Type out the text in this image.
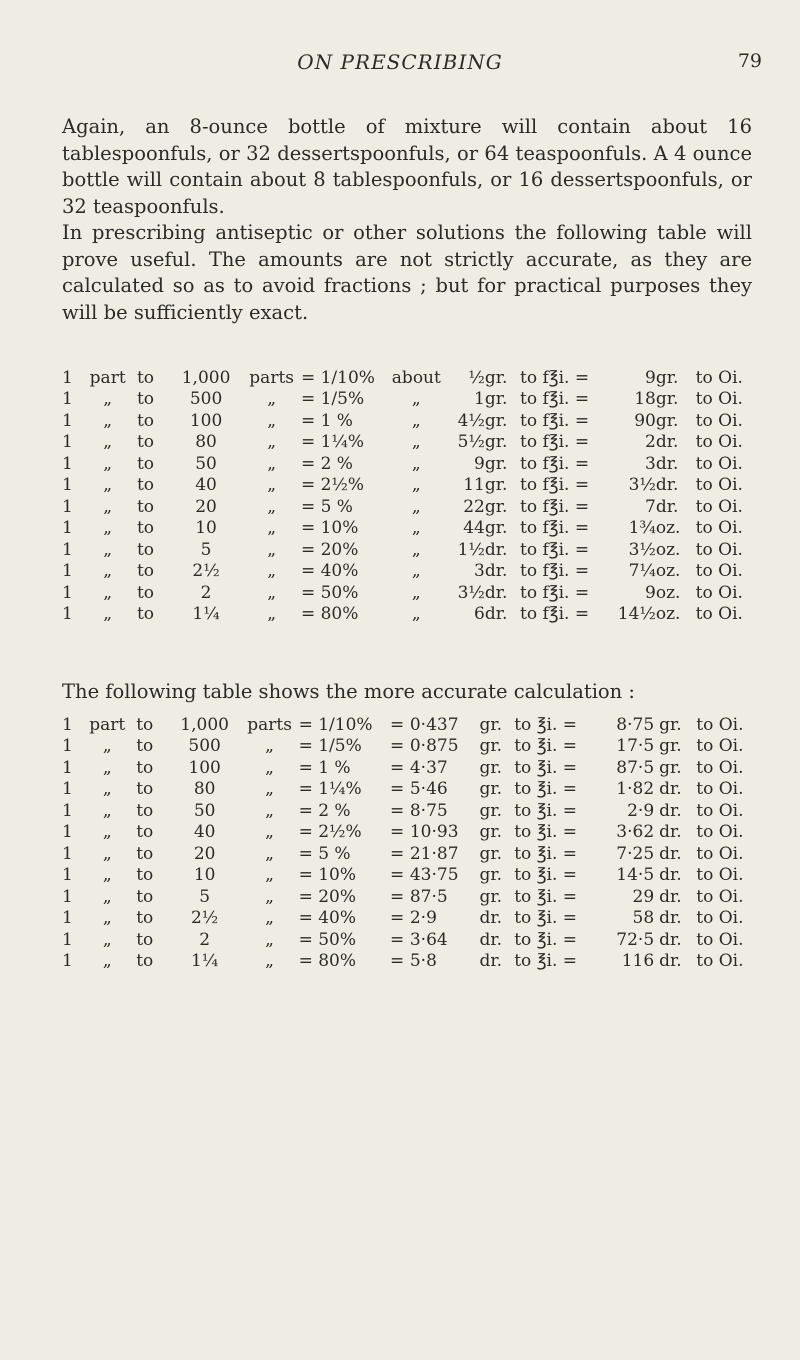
ON PRESCRIBING	79

Again, an 8-ounce bottle of mixture will contain about 16 tablespoonfuls, or 32 dessertspoonfuls, or 64 teaspoonfuls. A 4 ounce bottle will contain about 8 tablespoonfuls, or 16 dessertspoonfuls, or 32 teaspoonfuls.

In prescribing antiseptic or other solutions the following table will prove useful. The amounts are not strictly accurate, as they are calculated so as to avoid fractions ; but for practical purposes they will be sufficiently exact.

1	part	to	1,000	parts	= 1/10%	about	½	gr.	to f℥i. =	9	gr.	to Oi.
1	„	to	500	„	= 1/5%	„	1	gr.	to f℥i. =	18	gr.	to Oi.
1	„	to	100	„	= 1 %	„	4½	gr.	to f℥i. =	90	gr.	to Oi.
1	„	to	80	„	= 1¼%	„	5½	gr.	to f℥i. =	2	dr.	to Oi.
1	„	to	50	„	= 2 %	„	9	gr.	to f℥i. =	3	dr.	to Oi.
1	„	to	40	„	= 2½%	„	11	gr.	to f℥i. =	3½	dr.	to Oi.
1	„	to	20	„	= 5 %	„	22	gr.	to f℥i. =	7	dr.	to Oi.
1	„	to	10	„	= 10%	„	44	gr.	to f℥i. =	1¾	oz.	to Oi.
1	„	to	5	„	= 20%	„	1½	dr.	to f℥i. =	3½	oz.	to Oi.
1	„	to	2½	„	= 40%	„	3	dr.	to f℥i. =	7¼	oz.	to Oi.
1	„	to	2	„	= 50%	„	3½	dr.	to f℥i. =	9	oz.	to Oi.
1	„	to	1¼	„	= 80%	„	6	dr.	to f℥i. =	14½	oz.	to Oi.
The following table shows the more accurate calculation :
1	part	to	1,000	parts	= 1/10%	=	0·437	gr.	to ℥i. =	8·75	gr.	to Oi.
1	„	to	500	„	= 1/5%	=	0·875	gr.	to ℥i. =	17·5	gr.	to Oi.
1	„	to	100	„	= 1 %	=	4·37	gr.	to ℥i. =	87·5	gr.	to Oi.
1	„	to	80	„	= 1¼%	=	5·46	gr.	to ℥i. =	1·82	dr.	to Oi.
1	„	to	50	„	= 2 %	=	8·75	gr.	to ℥i. =	2·9	dr.	to Oi.
1	„	to	40	„	= 2½%	=	10·93	gr.	to ℥i. =	3·62	dr.	to Oi.
1	„	to	20	„	= 5 %	=	21·87	gr.	to ℥i. =	7·25	dr.	to Oi.
1	„	to	10	„	= 10%	=	43·75	gr.	to ℥i. =	14·5	dr.	to Oi.
1	„	to	5	„	= 20%	=	87·5	gr.	to ℥i. =	29	dr.	to Oi.
1	„	to	2½	„	= 40%	=	2·9	dr.	to ℥i. =	58	dr.	to Oi.
1	„	to	2	„	= 50%	=	3·64	dr.	to ℥i. =	72·5	dr.	to Oi.
1	„	to	1¼	„	= 80%	=	5·8	dr.	to ℥i. =	116	dr.	to Oi.
